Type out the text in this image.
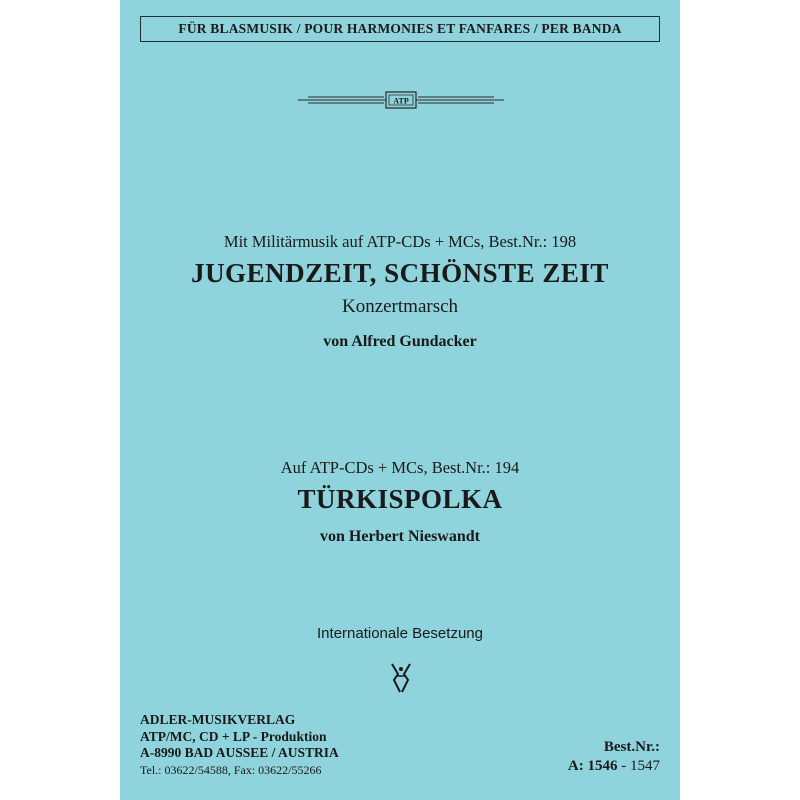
FÜR BLASMUSIK / POUR HARMONIES ET FANFARES / PER BANDA
ATP
Mit Militärmusik auf ATP-CDs + MCs, Best.Nr.: 198
JUGENDZEIT, SCHÖNSTE ZEIT
Konzertmarsch
von Alfred Gundacker
Auf ATP-CDs + MCs, Best.Nr.: 194
TÜRKISPOLKA
von Herbert Nieswandt
Internationale Besetzung
ADLER-MUSIKVERLAG
ATP/MC, CD + LP - Produktion
A-8990 BAD AUSSEE / AUSTRIA
Tel.: 03622/54588, Fax: 03622/55266
Best.Nr.:
A: 1546 - 1547
